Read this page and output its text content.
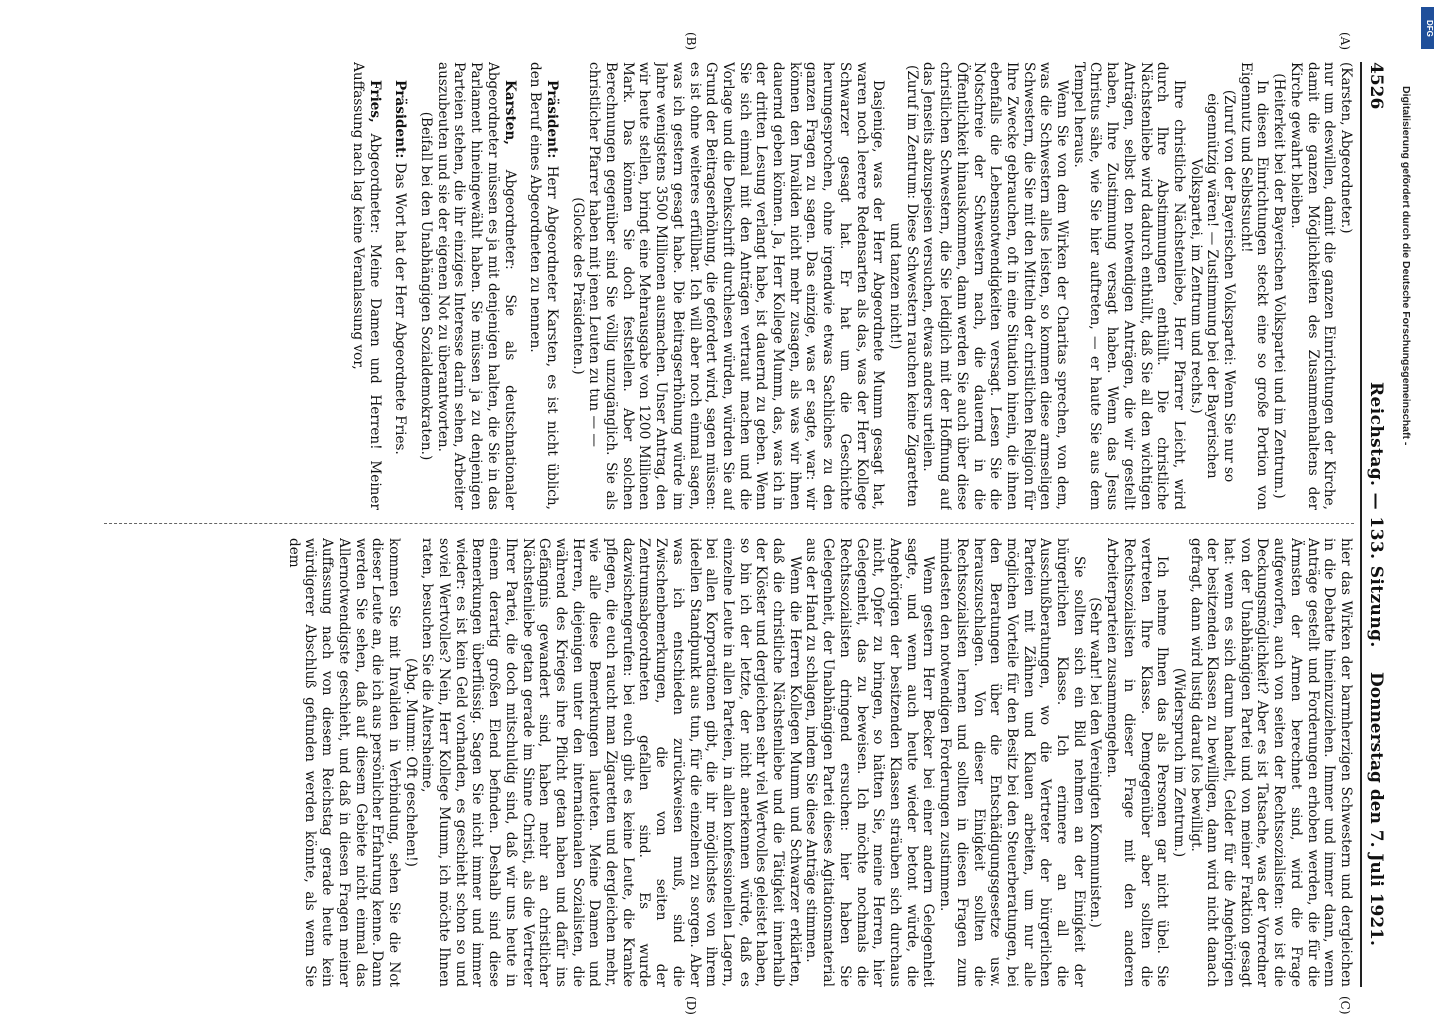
4526
Reichstag. — 133. Sitzung.
Donnerstag den 7. Juli 1921.
(A)
(B)
(C)
(D)

(Karsten, Abgeordneter.)

nur um deswillen, damit die ganzen Einrichtungen der Kirche, damit die ganzen Möglichkeiten des Zusammenhaltens der Kirche gewahrt bleiben.

(Heiterkeit bei der Bayerischen Volkspartei und im Zentrum.)

In diesen Einrichtungen steckt eine so große Portion von Eigennutz und Selbstsucht!

(Zuruf von der Bayerischen Volkspartei: Wenn Sie nur so eigennützig wären! — Zustimmung bei der Bayerischen Volkspartei, im Zentrum und rechts.)

Ihre christliche Nächstenliebe, Herr Pfarrer Leicht, wird durch Ihre Abstimmungen enthüllt. Die christliche Nächstenliebe wird dadurch enthüllt, daß Sie all den wichtigen Anträgen, selbst den notwendigen Anträgen, die wir gestellt haben, Ihre Zustimmung versagt haben. Wenn das Jesus Christus sähe, wie Sie hier auftreten, — er haute Sie aus dem Tempel heraus.

Wenn Sie von dem Wirken der Charitas sprechen, von dem, was die Schwestern alles leisten, so kommen diese armseligen Schwestern, die Sie mit den Mitteln der christlichen Religion für Ihre Zwecke gebrauchen, oft in eine Situation hinein, die ihnen ebenfalls die Lebensnotwendigkeiten versagt. Lesen Sie die Notschreie der Schwestern nach, die dauernd in die Öffentlichkeit hinauskommen, dann werden Sie auch über diese christlichen Schwestern, die Sie lediglich mit der Hoffnung auf das Jenseits abzuspeisen versuchen, etwas anders urteilen.

(Zuruf im Zentrum: Diese Schwestern rauchen keine Zigaretten und tanzen nicht!)

Dasjenige, was der Herr Abgeordnete Mumm gesagt hat, waren noch leerere Redensarten als das, was der Herr Kollege Schwarzer gesagt hat. Er hat um die Geschichte herumgesprochen, ohne irgendwie etwas Sachliches zu den ganzen Fragen zu sagen. Das einzige, was er sagte, war: wir können den Invaliden nicht mehr zusagen, als was wir ihnen dauernd geben können. Ja, Herr Kollege Mumm, das, was ich in der dritten Lesung verlangt habe, ist dauernd zu geben. Wenn Sie sich einmal mit den Anträgen vertraut machen und die Vorlage und die Denkschrift durchlesen würden, würden Sie auf Grund der Beitragserhöhung, die gefordert wird, sagen müssen: es ist ohne weiteres erfüllbar. Ich will aber noch einmal sagen, was ich gestern gesagt habe. Die Beitragserhöhung würde im Jahre wenigstens 3500 Millionen ausmachen. Unser Antrag, den wir heute stellen, bringt eine Mehrausgabe von 1200 Millionen Mark. Das können Sie doch feststellen. Aber solchen Berechnungen gegenüber sind Sie völlig unzugänglich. Sie als christlicher Pfarrer haben mit jenen Leuten zu tun — —

(Glocke des Präsidenten.)

Präsident: Herr Abgeordneter Karsten, es ist nicht üblich, den Beruf eines Abgeordneten zu nennen.

Karsten, Abgeordneter: Sie als deutschnationaler Abgeordneter müssen es ja mit denjenigen halten, die Sie in das Parlament hineingewählt haben. Sie müssen ja zu denjenigen Parteien stehen, die ihr einziges Interesse darin sehen, Arbeiter auszubeuten und sie der eigenen Not zu überantworten.

(Beifall bei den Unabhängigen Sozialdemokraten.)

Präsident: Das Wort hat der Herr Abgeordnete Fries.

Fries, Abgeordneter: Meine Damen und Herren! Meiner Auffassung nach lag keine Veranlassung vor,

hier das Wirken der barmherzigen Schwestern und dergleichen in die Debatte hineinzuziehen. Immer und immer dann, wenn Anträge gestellt und Forderungen erhoben werden, die für die Ärmsten der Armen berechnet sind, wird die Frage aufgeworfen, auch von seiten der Rechtssozialisten: wo ist die Deckungsmöglichkeit? Aber es ist Tatsache, was der Vorredner von der Unabhängigen Partei und von meiner Fraktion gesagt hat: wenn es sich darum handelt, Gelder für die Angehörigen der besitzenden Klassen zu bewilligen, dann wird nicht danach gefragt, dann wird lustig darauf los bewilligt.

(Widerspruch im Zentrum.)

Ich nehme Ihnen das als Personen gar nicht übel. Sie vertreten Ihre Klasse. Demgegenüber aber sollten die Rechtssozialisten in dieser Frage mit den anderen Arbeiterparteien zusammengehen.

(Sehr wahr! bei den Vereinigten Kommunisten.)

Sie sollten sich ein Bild nehmen an der Einigkeit der bürgerlichen Klasse. Ich erinnere an all die Ausschußberatungen, wo die Vertreter der bürgerlichen Parteien mit Zähnen und Klauen arbeiten, um nur alle möglichen Vorteile für den Besitz bei den Steuerberatungen, bei den Beratungen über die Entschädigungsgesetze usw. herauszuschlagen. Von dieser Einigkeit sollten die Rechtssozialisten lernen und sollten in diesen Fragen zum mindesten den notwendigen Forderungen zustimmen.

Wenn gestern Herr Becker bei einer andern Gelegenheit sagte, und wenn auch heute wieder betont würde, die Angehörigen der besitzenden Klassen sträuben sich durchaus nicht, Opfer zu bringen, so hätten Sie, meine Herren, hier Gelegenheit, das zu beweisen. Ich möchte nochmals die Rechtssozialisten dringend ersuchen: hier haben Sie Gelegenheit, der Unabhängigen Partei dieses Agitationsmaterial aus der Hand zu schlagen, indem Sie diese Anträge stimmen.

Wenn die Herren Kollegen Mumm und Schwarzer erklärten, daß die christliche Nächstenliebe und die Tätigkeit innerhalb der Klöster und dergleichen sehr viel Wertvolles geleistet haben, so bin ich der letzte, der nicht anerkennen würde, daß es einzelne Leute in allen Parteien, in allen konfessionellen Lagern, bei allen Korporationen gibt, die ihr möglichstes von ihrem ideellen Standpunkt aus tun, für die einzelnen zu sorgen. Aber was ich entschieden zurückweisen muß, sind die Zwischenbemerkungen, die von seiten der Zentrumsabgeordneten gefallen sind. Es wurde dazwischengerufen: bei euch gibt es keine Leute, die Kranke pflegen, die euch raucht man Zigaretten und dergleichen mehr, wie alle diese Bemerkungen lauteten. Meine Damen und Herren, diejenigen unter den internationalen Sozialisten, die während des Krieges ihre Pflicht getan haben und dafür ins Gefängnis gewandert sind, haben mehr an christlicher Nächstenliebe getan gerade im Sinne Christi, als die Vertreter Ihrer Partei, die doch mitschuldig sind, daß wir uns heute in einem derartig großen Elend befinden. Deshalb sind diese Bemerkungen überflüssig. Sagen Sie nicht immer und immer wieder: es ist kein Geld vorhanden, es geschieht schon so und soviel Wertvolles? Nein, Herr Kollege Mumm, ich möchte Ihnen raten, besuchen Sie die Altersheime,

(Abg. Mumm: Oft geschehen!)

kommen Sie mit Invaliden in Verbindung, sehen Sie die Not dieser Leute an, die ich aus persönlicher Erfahrung kenne. Dann werden Sie sehen, daß auf diesem Gebiete nicht einmal das Allernotwendigste geschieht, und daß in diesen Fragen meiner Auffassung nach von diesem Reichstag gerade heute kein würdigerer Abschluß gefunden werden könnte, als wenn Sie dem

Digitalisierung gefördert durch die Deutsche Forschungsgemeinschaft -
DFG
